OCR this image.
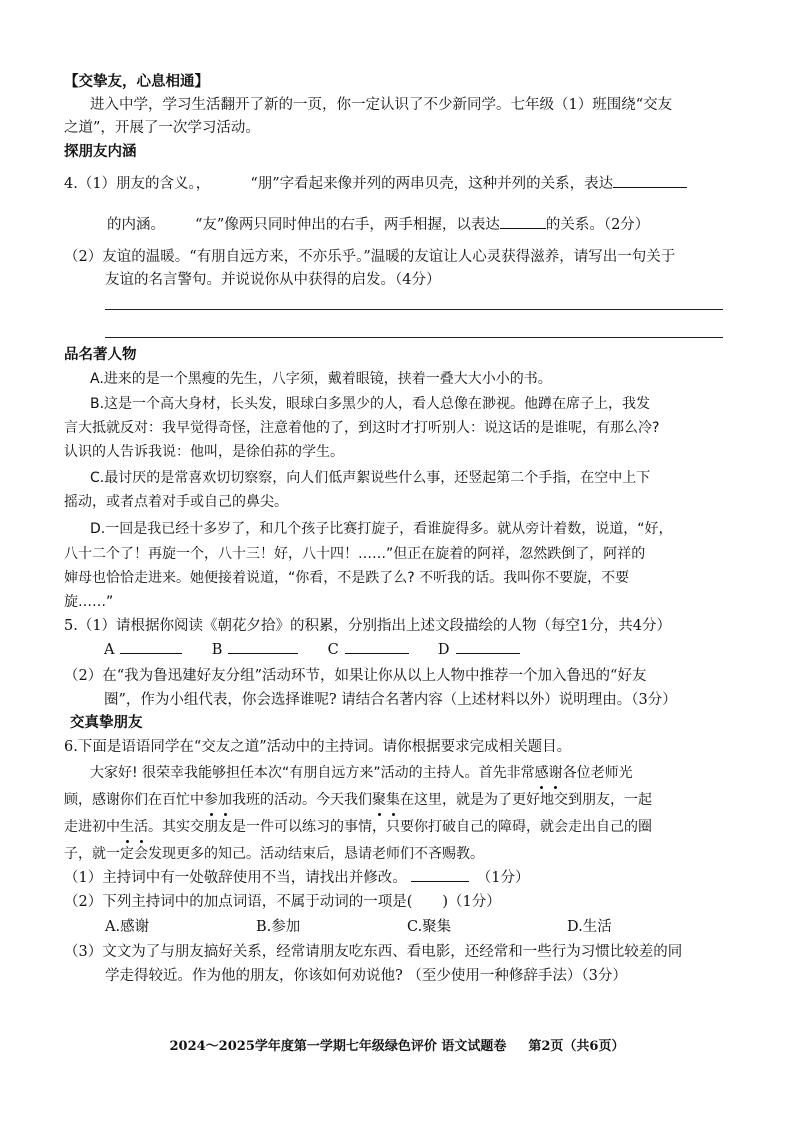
【交挚友，心息相通】
进入中学，学习生活翻开了新的一页，你一定认识了不少新同学。七年级（1）班围绕“交友
之道”，开展了一次学习活动。
探朋友内涵
4.（1）朋友的含义。，	“朋”字看起来像并列的两串贝壳，这种并列的关系，表达
的内涵。 “友”像两只同时伸出的右手，两手相握，以表达	的关系。（2分）
（2）友谊的温暖。“有朋自远方来，不亦乐乎。”温暖的友谊让人心灵获得滋养，请写出一句关于
友谊的名言警句。并说说你从中获得的启发。（4分）
品名著人物
A.进来的是一个黑瘦的先生，八字须，戴着眼镜，挟着一叠大大小小的书。
B.这是一个高大身材，长头发，眼球白多黑少的人，看人总像在渺视。他蹲在席子上，我发
言大抵就反对：我早觉得奇怪，注意着他的了，到这时才打听别人：说这话的是谁呢，有那么冷?
认识的人告诉我说：他叫，是徐伯荪的学生。
C.最讨厌的是常喜欢切切察察，向人们低声絮说些什么事，还竖起第二个手指，在空中上下
摇动，或者点着对手或自己的鼻尖。
D.一回是我已经十多岁了，和几个孩子比赛打旋子，看谁旋得多。就从旁计着数，说道，“好，
八十二个了！再旋一个，八十三！好，八十四！……”但正在旋着的阿祥，忽然跌倒了，阿祥的
婶母也恰恰走进来。她便接着说道，“你看，不是跌了么? 不听我的话。我叫你不要旋，不要
旋……”
5.（1）请根据你阅读《朝花夕拾》的积累，分别指出上述文段描绘的人物（每空1分，共4分）
A	B	C	D
（2）在“我为鲁迅建好友分组”活动环节，如果让你从以上人物中推荐一个加入鲁迅的“好友
圈”，作为小组代表，你会选择谁呢? 请结合名著内容（上述材料以外）说明理由。（3分）
交真挚朋友
6.下面是语语同学在“交友之道”活动中的主持词。请你根据要求完成相关题目。
大家好! 很荣幸我能够担任本次“有朋自远方来”活动的主持人。首先非常感谢各位老师光
顾，感谢你们在百忙中参加我班的活动。今天我们聚集在这里，就是为了更好地交到朋友，一起
走进初中生活。其实交朋友是一件可以练习的事情，只要你打破自己的障碍，就会走出自己的圈
子，就一定会发现更多的知己。活动结束后，恳请老师们不吝赐教。
（1）主持词中有一处敬辞使用不当，请找出并修改。	（1分）
（2）下列主持词中的加点词语，不属于动词的一项是( )（1分）
A.感谢	B.参加	C.聚集	D.生活
（3）文文为了与朋友搞好关系，经常请朋友吃东西、看电影，还经常和一些行为习惯比较差的同
学走得较近。作为他的朋友，你该如何劝说他? （至少使用一种修辞手法）（3分）
2024～2025学年度第一学期七年级绿色评价 语文试题卷 第2页（共6页）
